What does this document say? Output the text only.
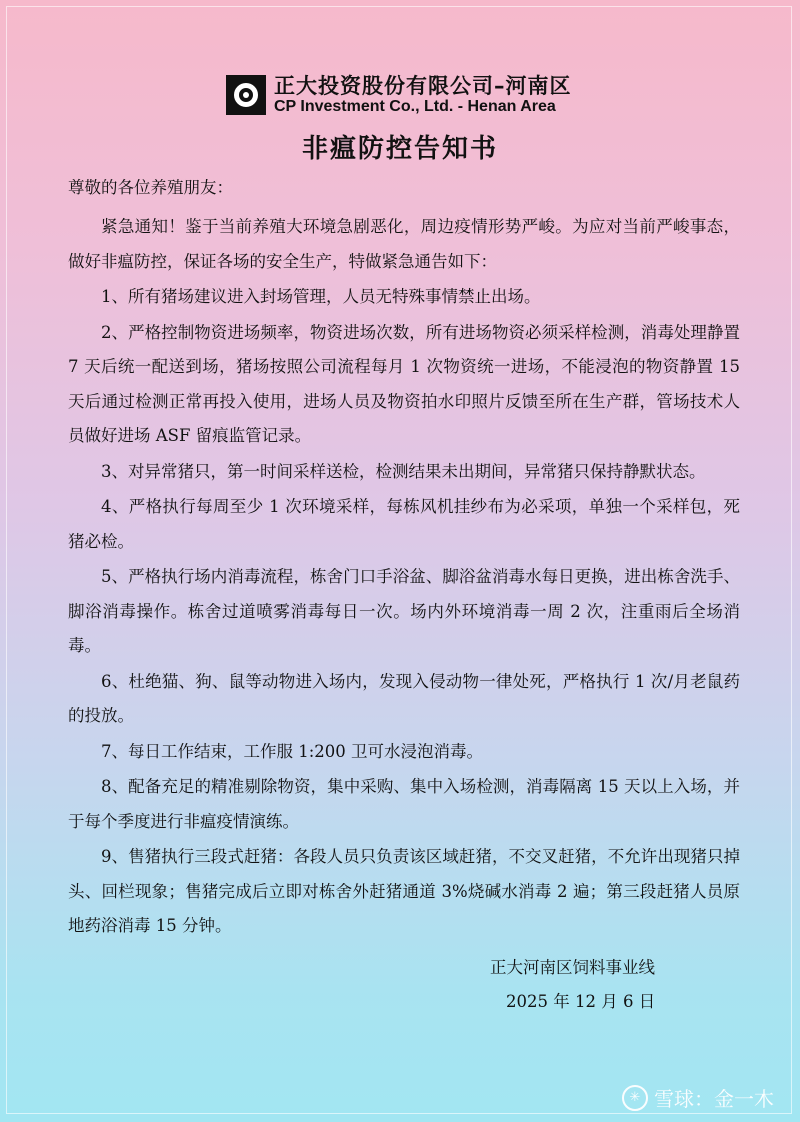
正大投资股份有限公司–河南区
CP Investment Co., Ltd. - Henan Area
非瘟防控告知书
尊敬的各位养殖朋友：

紧急通知！鉴于当前养殖大环境急剧恶化，周边疫情形势严峻。为应对当前严峻事态，做好非瘟防控，保证各场的安全生产，特做紧急通告如下：

1、所有猪场建议进入封场管理，人员无特殊事情禁止出场。

2、严格控制物资进场频率，物资进场次数，所有进场物资必须采样检测，消毒处理静置 7 天后统一配送到场，猪场按照公司流程每月 1 次物资统一进场，不能浸泡的物资静置 15 天后通过检测正常再投入使用，进场人员及物资拍水印照片反馈至所在生产群，管场技术人员做好进场 ASF 留痕监管记录。

3、对异常猪只，第一时间采样送检，检测结果未出期间，异常猪只保持静默状态。

4、严格执行每周至少 1 次环境采样，每栋风机挂纱布为必采项，单独一个采样包，死猪必检。

5、严格执行场内消毒流程，栋舍门口手浴盆、脚浴盆消毒水每日更换，进出栋舍洗手、脚浴消毒操作。栋舍过道喷雾消毒每日一次。场内外环境消毒一周 2 次，注重雨后全场消毒。

6、杜绝猫、狗、鼠等动物进入场内，发现入侵动物一律处死，严格执行 1 次/月老鼠药的投放。

7、每日工作结束，工作服 1:200 卫可水浸泡消毒。

8、配备充足的精准剔除物资，集中采购、集中入场检测，消毒隔离 15 天以上入场，并于每个季度进行非瘟疫情演练。

9、售猪执行三段式赶猪：各段人员只负责该区域赶猪，不交叉赶猪，不允许出现猪只掉头、回栏现象；售猪完成后立即对栋舍外赶猪通道 3%烧碱水消毒 2 遍；第三段赶猪人员原地药浴消毒 15 分钟。

正大河南区饲料事业线
2025 年 12 月 6 日
✳ 雪球：金一木
